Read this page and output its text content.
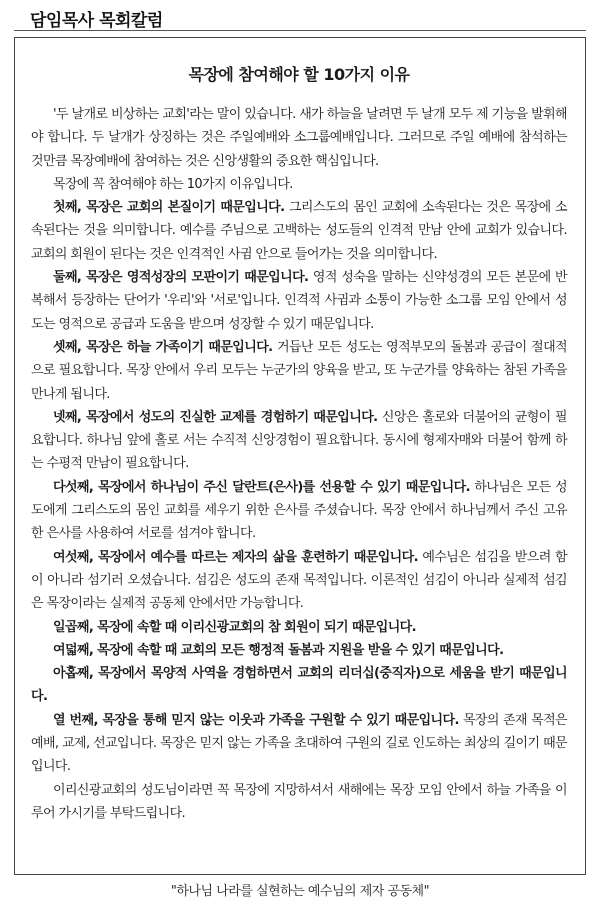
담임목사 목회칼럼
목장에 참여해야 할 10가지 이유

'두 날개로 비상하는 교회'라는 말이 있습니다. 새가 하늘을 날려면 두 날개 모두 제 기능을 발휘해야 합니다. 두 날개가 상징하는 것은 주일예배와 소그룹예배입니다. 그러므로 주일 예배에 참석하는 것만큼 목장예배에 참여하는 것은 신앙생활의 중요한 핵심입니다.

목장에 꼭 참여해야 하는 10가지 이유입니다.

첫째, 목장은 교회의 본질이기 때문입니다. 그리스도의 몸인 교회에 소속된다는 것은 목장에 소속된다는 것을 의미합니다. 예수를 주님으로 고백하는 성도들의 인격적 만남 안에 교회가 있습니다. 교회의 회원이 된다는 것은 인격적인 사귐 안으로 들어가는 것을 의미합니다.

둘째, 목장은 영적성장의 모판이기 때문입니다. 영적 성숙을 말하는 신약성경의 모든 본문에 반복해서 등장하는 단어가 '우리'와 '서로'입니다. 인격적 사귐과 소통이 가능한 소그룹 모임 안에서 성도는 영적으로 공급과 도움을 받으며 성장할 수 있기 때문입니다.

셋째, 목장은 하늘 가족이기 때문입니다. 거듭난 모든 성도는 영적부모의 돌봄과 공급이 절대적으로 필요합니다. 목장 안에서 우리 모두는 누군가의 양육을 받고, 또 누군가를 양육하는 참된 가족을 만나게 됩니다.

넷째, 목장에서 성도의 진실한 교제를 경험하기 때문입니다. 신앙은 홀로와 더불어의 균형이 필요합니다. 하나님 앞에 홀로 서는 수직적 신앙경험이 필요합니다. 동시에 형제자매와 더불어 함께 하는 수평적 만남이 필요합니다.

다섯째, 목장에서 하나님이 주신 달란트(은사)를 선용할 수 있기 때문입니다. 하나님은 모든 성도에게 그리스도의 몸인 교회를 세우기 위한 은사를 주셨습니다. 목장 안에서 하나님께서 주신 고유한 은사를 사용하여 서로를 섬겨야 합니다.

여섯째, 목장에서 예수를 따르는 제자의 삶을 훈련하기 때문입니다. 예수님은 섬김을 받으려 함이 아니라 섬기러 오셨습니다. 섬김은 성도의 존재 목적입니다. 이론적인 섬김이 아니라 실제적 섬김은 목장이라는 실제적 공동체 안에서만 가능합니다.

일곱째, 목장에 속할 때 이리신광교회의 참 회원이 되기 때문입니다.

여덟째, 목장에 속할 때 교회의 모든 행정적 돌봄과 지원을 받을 수 있기 때문입니다.

아홉째, 목장에서 목양적 사역을 경험하면서 교회의 리더십(중직자)으로 세움을 받기 때문입니다.

열 번째, 목장을 통해 믿지 않는 이웃과 가족을 구원할 수 있기 때문입니다. 목장의 존재 목적은 예배, 교제, 선교입니다. 목장은 믿지 않는 가족을 초대하여 구원의 길로 인도하는 최상의 길이기 때문입니다.

이리신광교회의 성도님이라면 꼭 목장에 지망하셔서 새해에는 목장 모임 안에서 하늘 가족을 이루어 가시기를 부탁드립니다.

"하나님 나라를 실현하는 예수님의 제자 공동체"
